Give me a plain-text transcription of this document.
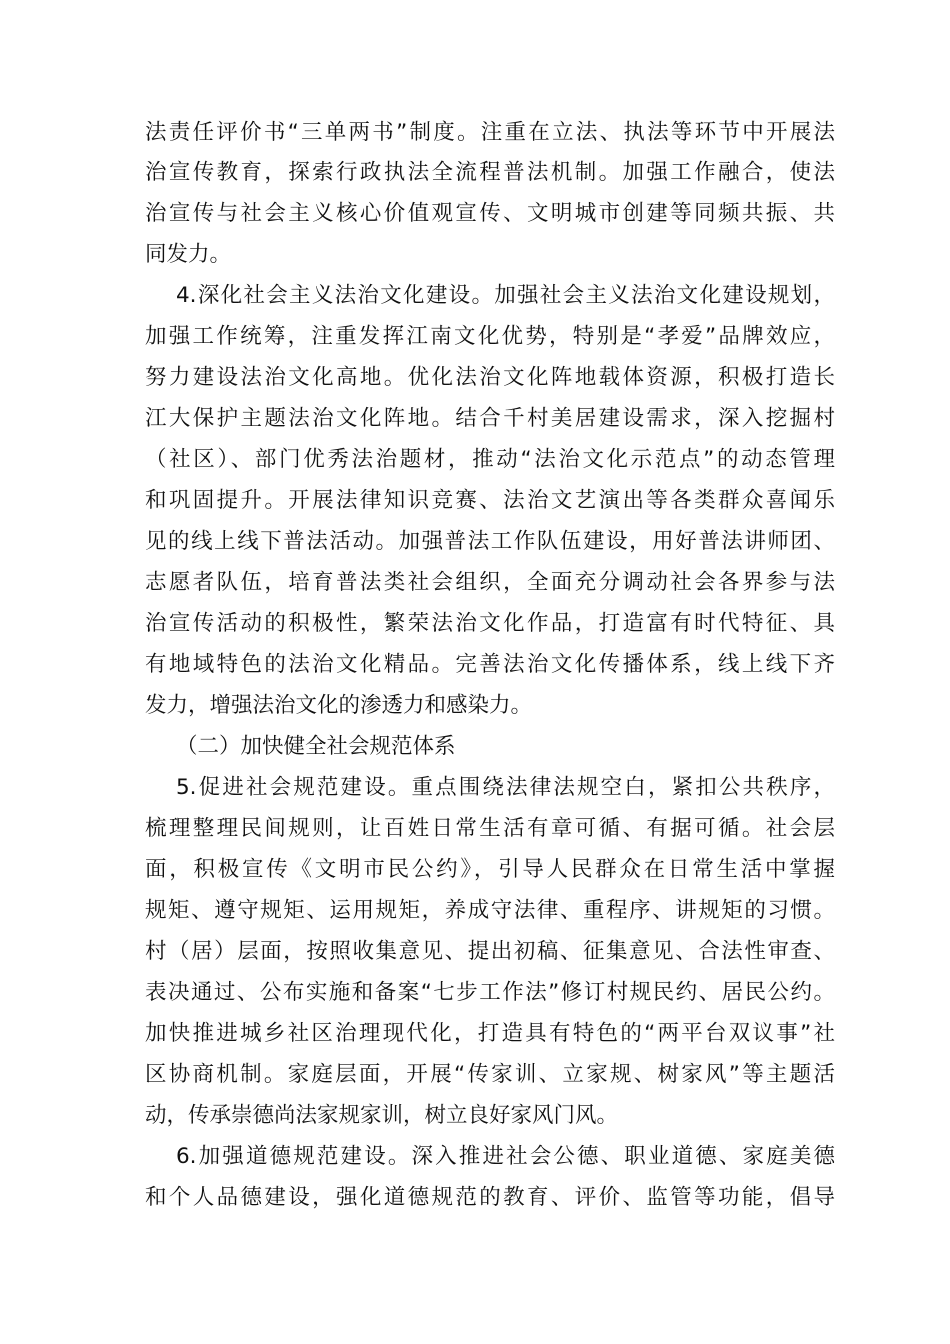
法责任评价书“三单两书”制度。注重在立法、执法等环节中开展法
治宣传教育，探索行政执法全流程普法机制。加强工作融合，使法
治宣传与社会主义核心价值观宣传、文明城市创建等同频共振、共
同发力。
4.深化社会主义法治文化建设。加强社会主义法治文化建设规划，
加强工作统筹，注重发挥江南文化优势，特别是“孝爱”品牌效应，
努力建设法治文化高地。优化法治文化阵地载体资源，积极打造长
江大保护主题法治文化阵地。结合千村美居建设需求，深入挖掘村
（社区）、部门优秀法治题材，推动“法治文化示范点”的动态管理
和巩固提升。开展法律知识竞赛、法治文艺演出等各类群众喜闻乐
见的线上线下普法活动。加强普法工作队伍建设，用好普法讲师团、
志愿者队伍，培育普法类社会组织，全面充分调动社会各界参与法
治宣传活动的积极性，繁荣法治文化作品，打造富有时代特征、具
有地域特色的法治文化精品。完善法治文化传播体系，线上线下齐
发力，增强法治文化的渗透力和感染力。
（二）加快健全社会规范体系
5.促进社会规范建设。重点围绕法律法规空白，紧扣公共秩序，
梳理整理民间规则，让百姓日常生活有章可循、有据可循。社会层
面，积极宣传《文明市民公约》，引导人民群众在日常生活中掌握
规矩、遵守规矩、运用规矩，养成守法律、重程序、讲规矩的习惯。
村（居）层面，按照收集意见、提出初稿、征集意见、合法性审查、
表决通过、公布实施和备案“七步工作法”修订村规民约、居民公约。
加快推进城乡社区治理现代化，打造具有特色的“两平台双议事”社
区协商机制。家庭层面，开展“传家训、立家规、树家风”等主题活
动，传承崇德尚法家规家训，树立良好家风门风。
6.加强道德规范建设。深入推进社会公德、职业道德、家庭美德
和个人品德建设，强化道德规范的教育、评价、监管等功能，倡导
